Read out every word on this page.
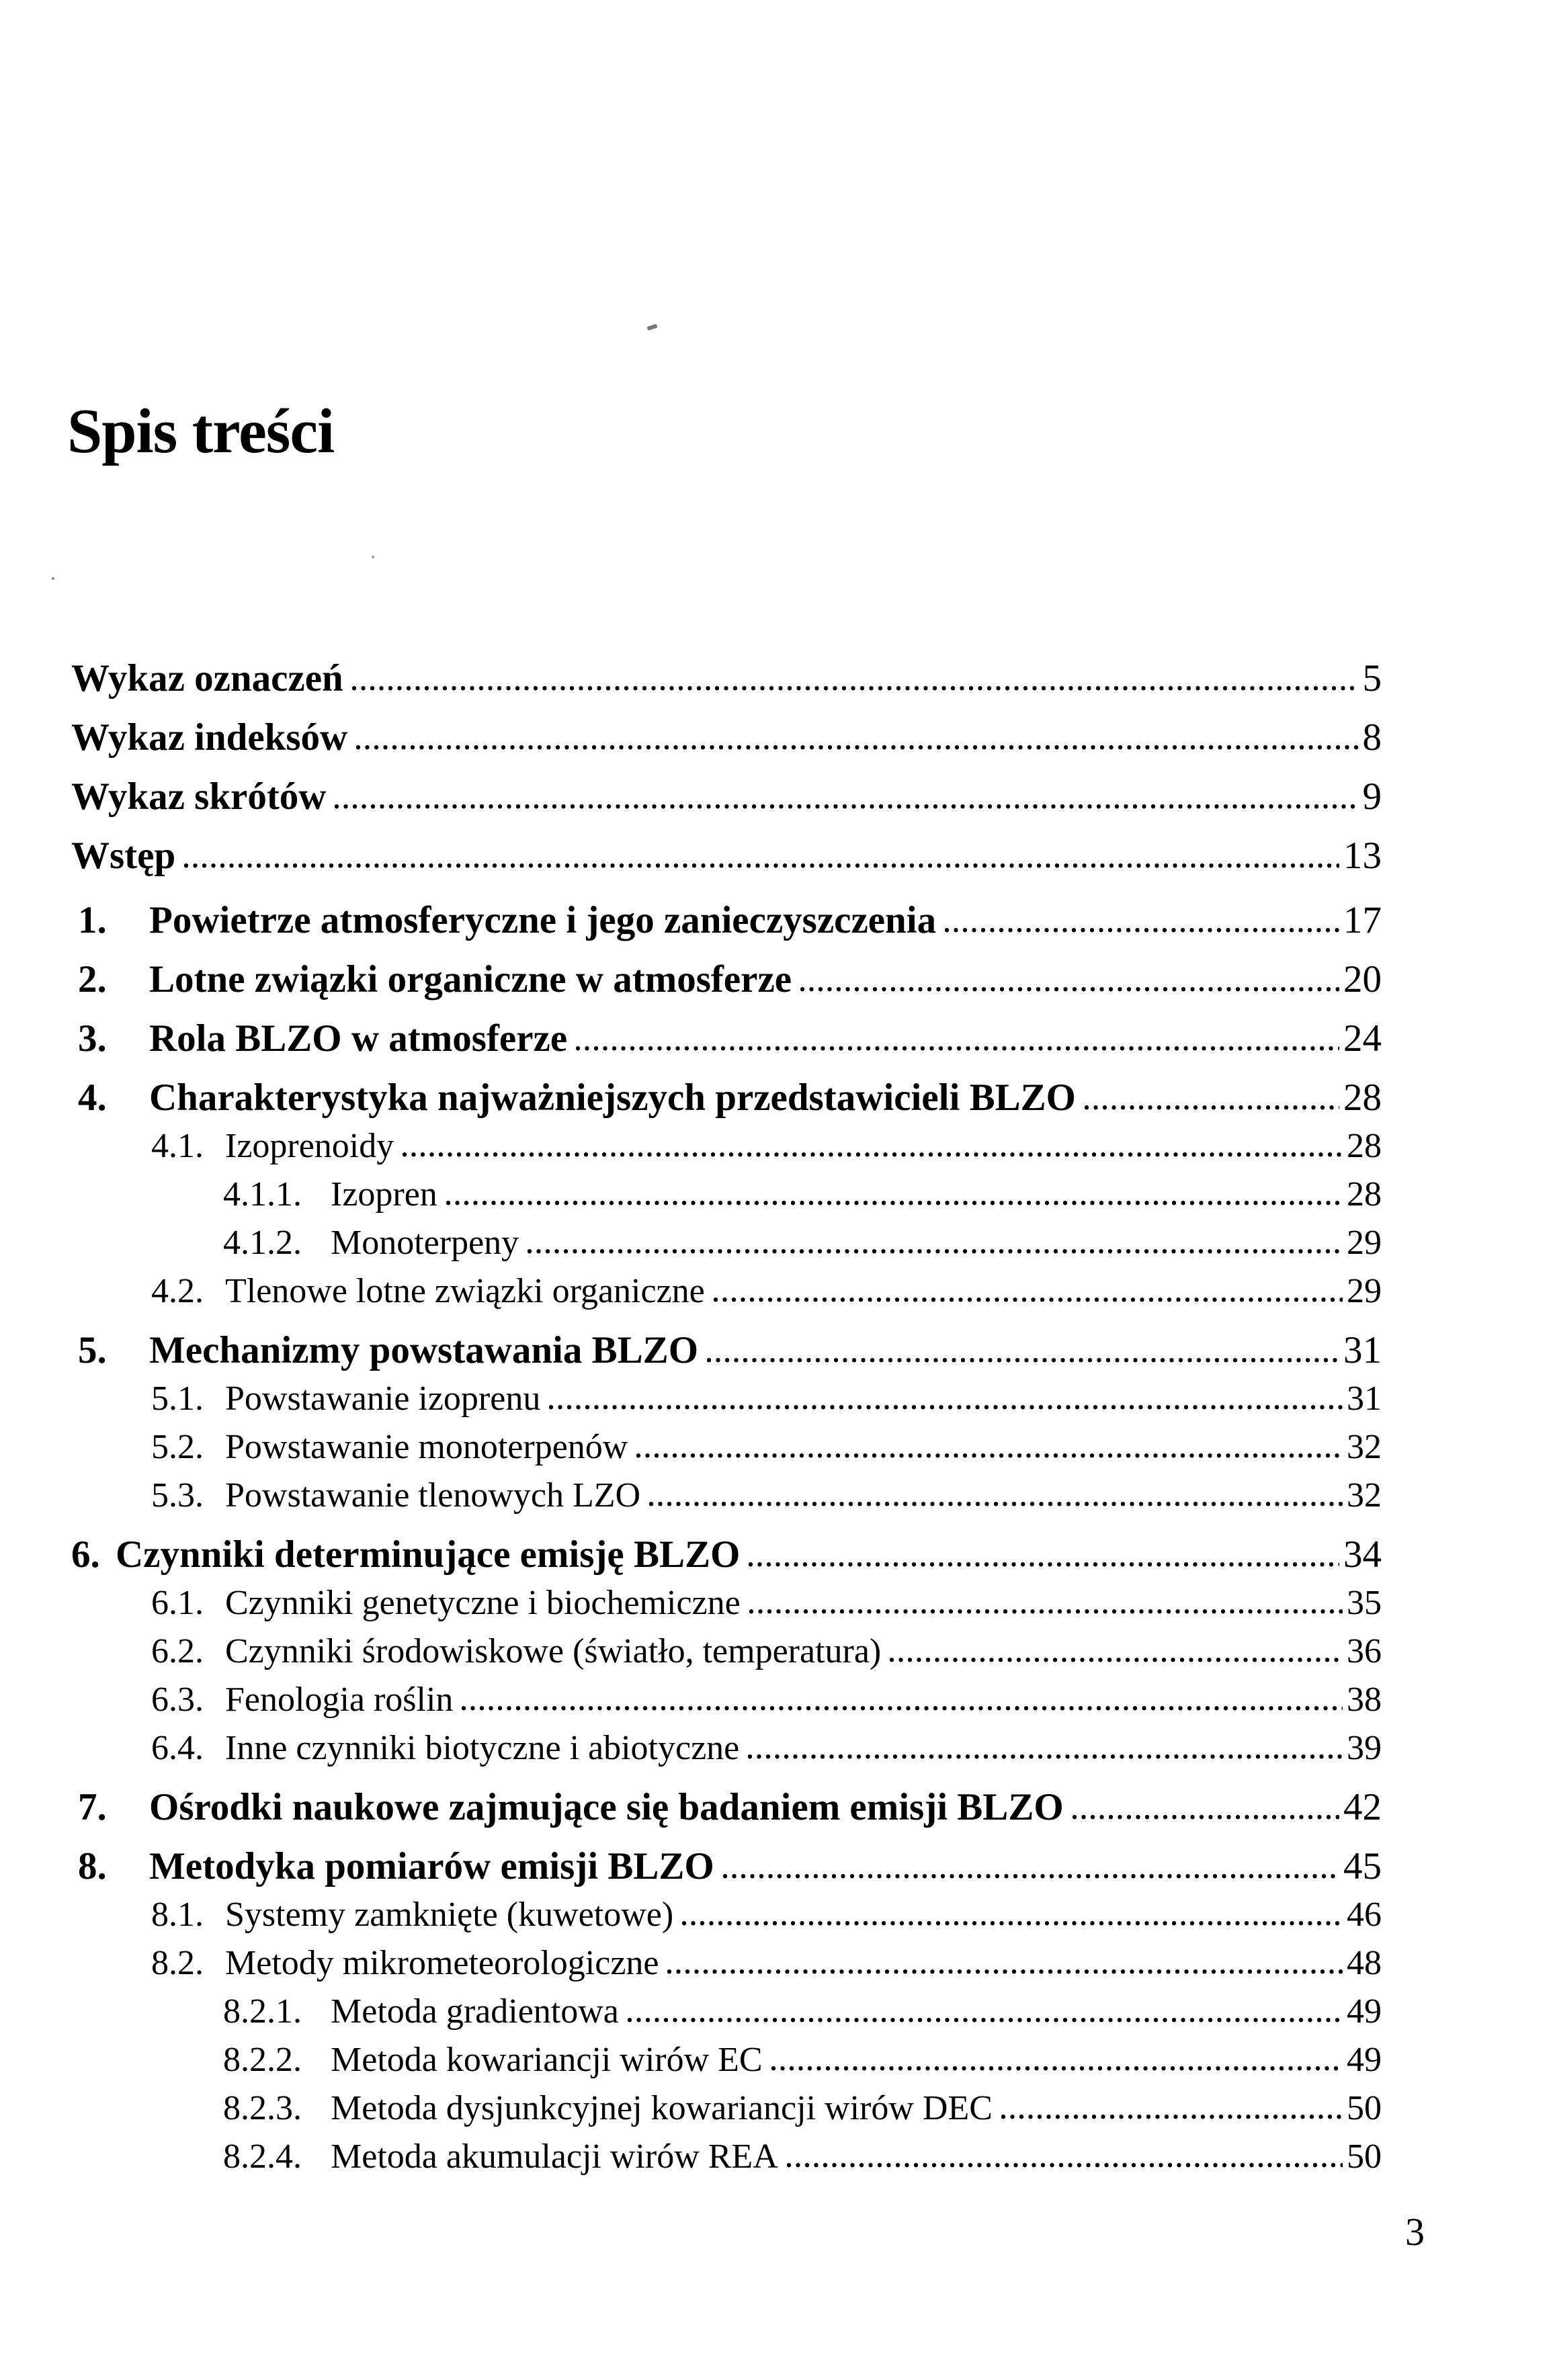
Spis treści
Wykaz oznaczeń	5
Wykaz indeksów	8
Wykaz skrótów	9
Wstęp	13
1.	Powietrze atmosferyczne i jego zanieczyszczenia	17
2.	Lotne związki organiczne w atmosferze	20
3.	Rola BLZO w atmosferze	24
4.	Charakterystyka najważniejszych przedstawicieli BLZO	28
4.1. Izoprenoidy	28
4.1.1. Izopren	28
4.1.2. Monoterpeny	29
4.2. Tlenowe lotne związki organiczne	29
5.	Mechanizmy powstawania BLZO	31
5.1. Powstawanie izoprenu	31
5.2. Powstawanie monoterpenów	32
5.3. Powstawanie tlenowych LZO	32
6. Czynniki determinujące emisję BLZO	34
6.1. Czynniki genetyczne i biochemiczne	35
6.2. Czynniki środowiskowe (światło, temperatura)	36
6.3. Fenologia roślin	38
6.4. Inne czynniki biotyczne i abiotyczne	39
7.	Ośrodki naukowe zajmujące się badaniem emisji BLZO	42
8.	Metodyka pomiarów emisji BLZO	45
8.1. Systemy zamknięte (kuwetowe)	46
8.2. Metody mikrometeorologiczne	48
8.2.1. Metoda gradientowa	49
8.2.2. Metoda kowariancji wirów EC	49
8.2.3. Metoda dysjunkcyjnej kowariancji wirów DEC	50
8.2.4. Metoda akumulacji wirów REA	50
3
